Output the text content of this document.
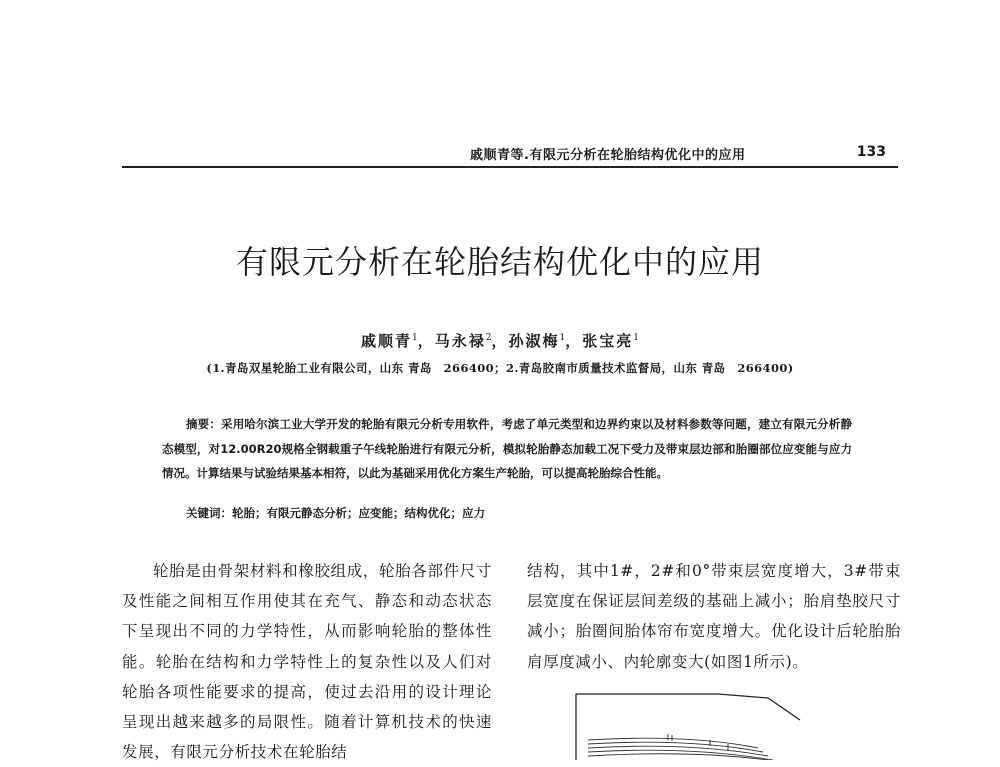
戚顺青等.有限元分析在轮胎结构优化中的应用	133
有限元分析在轮胎结构优化中的应用
戚顺青$^1$，马永禄$^2$，孙淑梅$^1$，张宝亮$^1$
(1.青岛双星轮胎工业有限公司，山东 青岛　266400；2.青岛胶南市质量技术监督局，山东 青岛　266400)

摘要：采用哈尔滨工业大学开发的轮胎有限元分析专用软件，考虑了单元类型和边界约束以及材料参数等问题，建立有限元分析静态模型，对12.00R20规格全钢载重子午线轮胎进行有限元分析，模拟轮胎静态加载工况下受力及带束层边部和胎圈部位应变能与应力情况。计算结果与试验结果基本相符，以此为基础采用优化方案生产轮胎，可以提高轮胎综合性能。

关键词：轮胎；有限元静态分析；应变能；结构优化；应力

轮胎是由骨架材料和橡胶组成，轮胎各部件尺寸及性能之间相互作用使其在充气、静态和动态状态下呈现出不同的力学特性，从而影响轮胎的整体性能。轮胎在结构和力学特性上的复杂性以及人们对轮胎各项性能要求的提高，使过去沿用的设计理论呈现出越来越多的局限性。随着计算机技术的快速发展，有限元分析技术在轮胎结

结构，其中1#，2#和0°带束层宽度增大，3#带束层宽度在保证层间差级的基础上减小；胎肩垫胶尺寸减小；胎圈间胎体帘布宽度增大。优化设计后轮胎胎肩厚度减小、内轮廓变大(如图1所示)。
